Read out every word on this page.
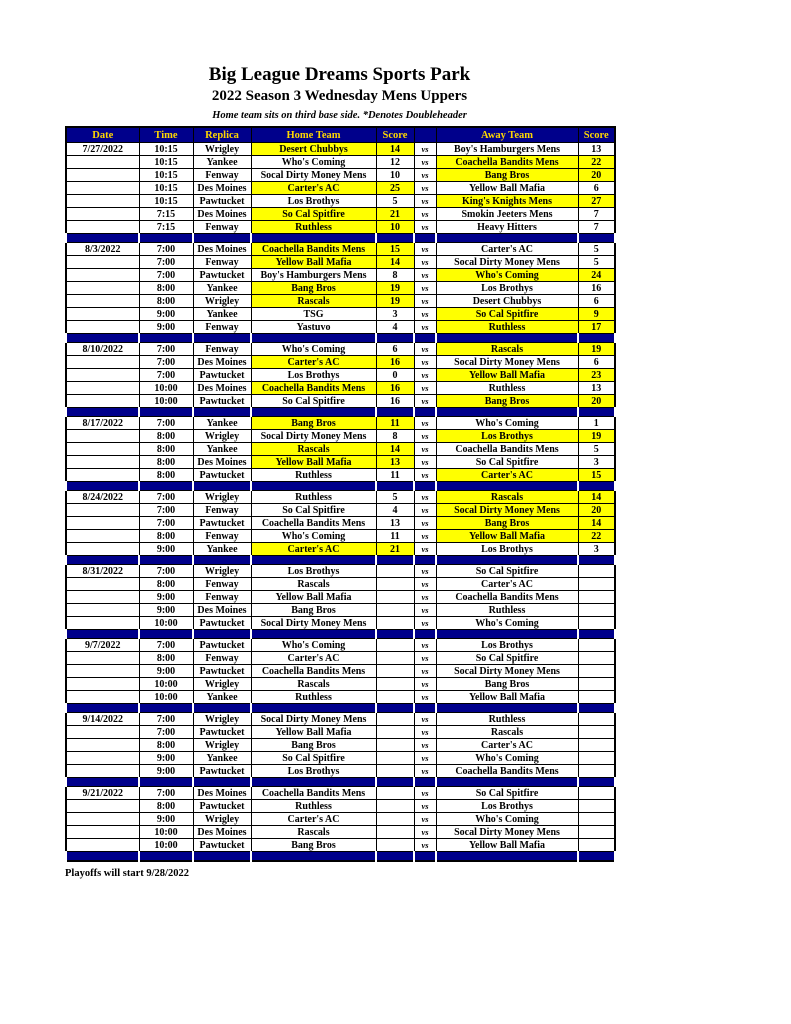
Big League Dreams Sports Park
2022 Season 3 Wednesday Mens Uppers
Home team sits on third base side. *Denotes Doubleheader
Date	Time	Replica	Home Team	Score		Away Team	Score
7/27/2022	10:15	Wrigley	Desert Chubbys	14	vs	Boy's Hamburgers Mens	13
	10:15	Yankee	Who's Coming	12	vs	Coachella Bandits Mens	22
	10:15	Fenway	Socal Dirty Money Mens	10	vs	Bang Bros	20
	10:15	Des Moines	Carter's AC	25	vs	Yellow Ball Mafia	6
	10:15	Pawtucket	Los Brothys	5	vs	King's Knights Mens	27
	7:15	Des Moines	So Cal Spitfire	21	vs	Smokin Jeeters Mens	7
	7:15	Fenway	Ruthless	10	vs	Heavy Hitters	7

8/3/2022	7:00	Des Moines	Coachella Bandits Mens	15	vs	Carter's AC	5
	7:00	Fenway	Yellow Ball Mafia	14	vs	Socal Dirty Money Mens	5
	7:00	Pawtucket	Boy's Hamburgers Mens	8	vs	Who's Coming	24
	8:00	Yankee	Bang Bros	19	vs	Los Brothys	16
	8:00	Wrigley	Rascals	19	vs	Desert Chubbys	6
	9:00	Yankee	TSG	3	vs	So Cal Spitfire	9
	9:00	Fenway	Yastuvo	4	vs	Ruthless	17

8/10/2022	7:00	Fenway	Who's Coming	6	vs	Rascals	19
	7:00	Des Moines	Carter's AC	16	vs	Socal Dirty Money Mens	6
	7:00	Pawtucket	Los Brothys	0	vs	Yellow Ball Mafia	23
	10:00	Des Moines	Coachella Bandits Mens	16	vs	Ruthless	13
	10:00	Pawtucket	So Cal Spitfire	16	vs	Bang Bros	20

8/17/2022	7:00	Yankee	Bang Bros	11	vs	Who's Coming	1
	8:00	Wrigley	Socal Dirty Money Mens	8	vs	Los Brothys	19
	8:00	Yankee	Rascals	14	vs	Coachella Bandits Mens	5
	8:00	Des Moines	Yellow Ball Mafia	13	vs	So Cal Spitfire	3
	8:00	Pawtucket	Ruthless	11	vs	Carter's AC	15

8/24/2022	7:00	Wrigley	Ruthless	5	vs	Rascals	14
	7:00	Fenway	So Cal Spitfire	4	vs	Socal Dirty Money Mens	20
	7:00	Pawtucket	Coachella Bandits Mens	13	vs	Bang Bros	14
	8:00	Fenway	Who's Coming	11	vs	Yellow Ball Mafia	22
	9:00	Yankee	Carter's AC	21	vs	Los Brothys	3

8/31/2022	7:00	Wrigley	Los Brothys		vs	So Cal Spitfire	
	8:00	Fenway	Rascals		vs	Carter's AC	
	9:00	Fenway	Yellow Ball Mafia		vs	Coachella Bandits Mens	
	9:00	Des Moines	Bang Bros		vs	Ruthless	
	10:00	Pawtucket	Socal Dirty Money Mens		vs	Who's Coming	

9/7/2022	7:00	Pawtucket	Who's Coming		vs	Los Brothys	
	8:00	Fenway	Carter's AC		vs	So Cal Spitfire	
	9:00	Pawtucket	Coachella Bandits Mens		vs	Socal Dirty Money Mens	
	10:00	Wrigley	Rascals		vs	Bang Bros	
	10:00	Yankee	Ruthless		vs	Yellow Ball Mafia	

9/14/2022	7:00	Wrigley	Socal Dirty Money Mens		vs	Ruthless	
	7:00	Pawtucket	Yellow Ball Mafia		vs	Rascals	
	8:00	Wrigley	Bang Bros		vs	Carter's AC	
	9:00	Yankee	So Cal Spitfire		vs	Who's Coming	
	9:00	Pawtucket	Los Brothys		vs	Coachella Bandits Mens	

9/21/2022	7:00	Des Moines	Coachella Bandits Mens		vs	So Cal Spitfire	
	8:00	Pawtucket	Ruthless		vs	Los Brothys	
	9:00	Wrigley	Carter's AC		vs	Who's Coming	
	10:00	Des Moines	Rascals		vs	Socal Dirty Money Mens	
	10:00	Pawtucket	Bang Bros		vs	Yellow Ball Mafia	

Playoffs will start 9/28/2022
